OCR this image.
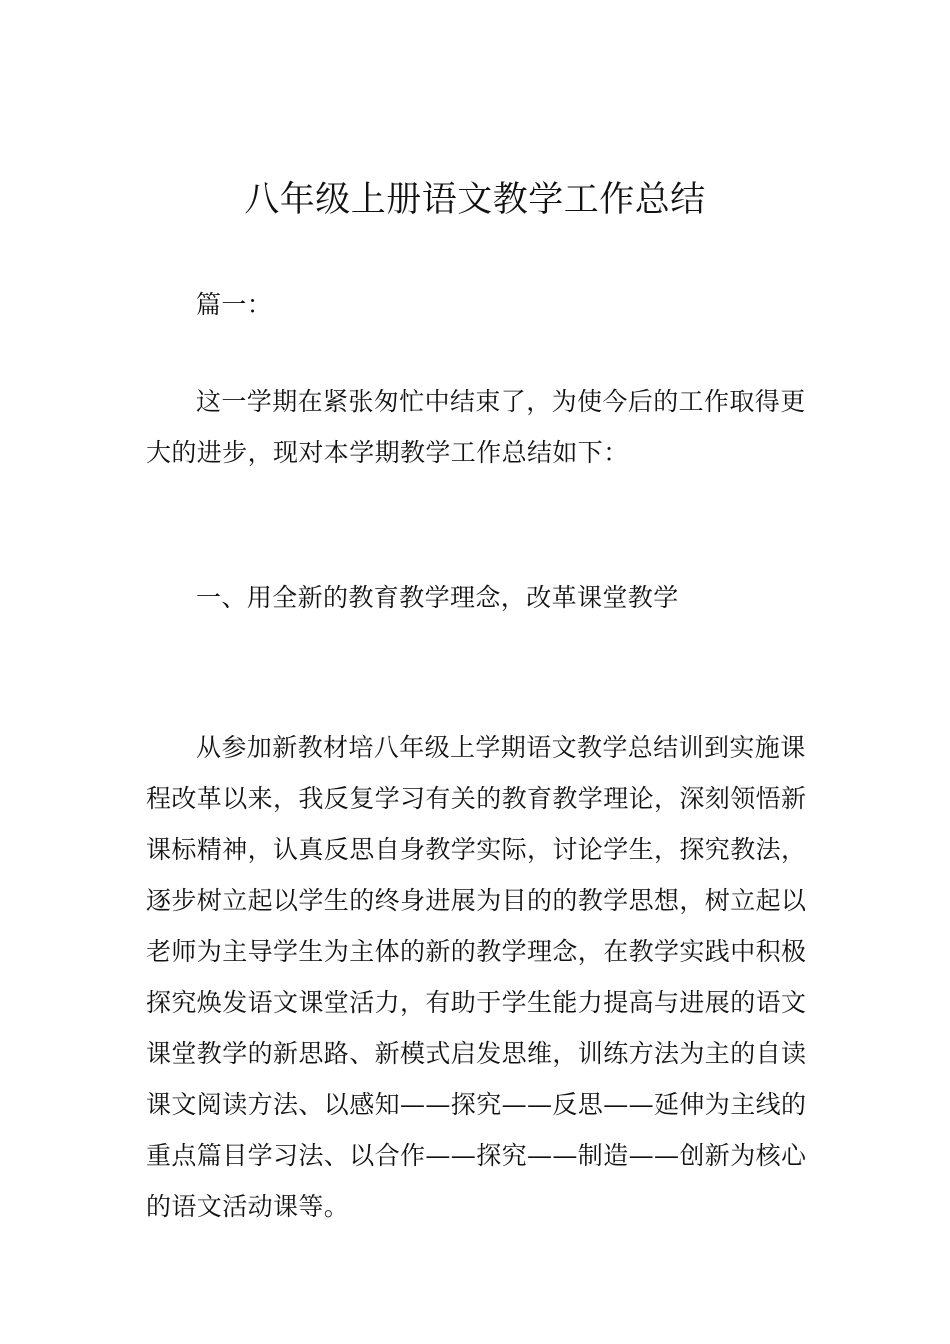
八年级上册语文教学工作总结

篇一：

这一学期在紧张匆忙中结束了，为使今后的工作取得更大的进步，现对本学期教学工作总结如下：

一、用全新的教育教学理念，改革课堂教学

从参加新教材培八年级上学期语文教学总结训到实施课程改革以来，我反复学习有关的教育教学理论，深刻领悟新课标精神，认真反思自身教学实际，讨论学生，探究教法，逐步树立起以学生的终身进展为目的的教学思想，树立起以老师为主导学生为主体的新的教学理念，在教学实践中积极探究焕发语文课堂活力，有助于学生能力提高与进展的语文课堂教学的新思路、新模式启发思维，训练方法为主的自读课文阅读方法、以感知——探究——反思——延伸为主线的重点篇目学习法、以合作——探究——制造——创新为核心的语文活动课等。
